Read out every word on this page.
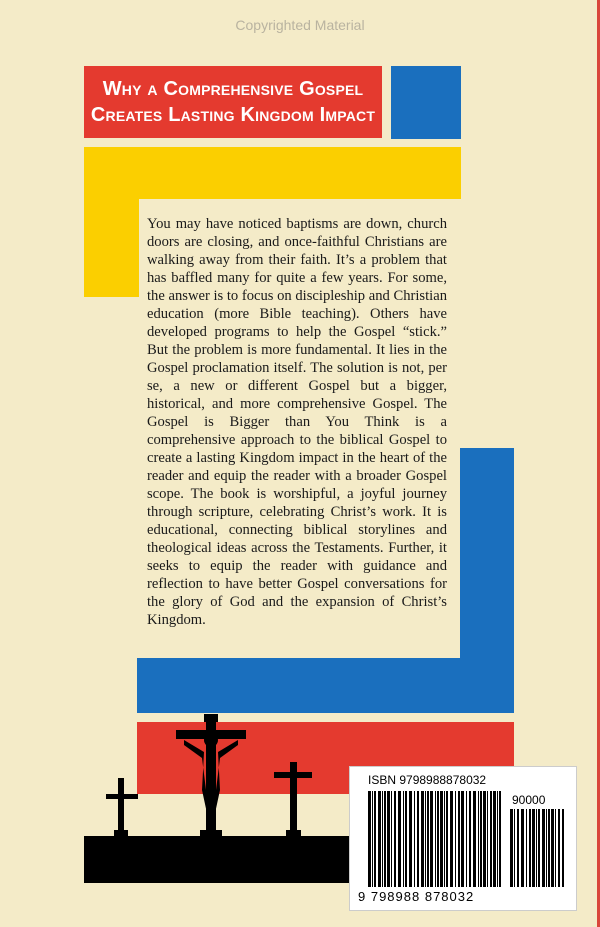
Copyrighted Material
Why a Comprehensive Gospel
Creates Lasting Kingdom Impact

You may have noticed baptisms are down, church doors are closing, and once-faithful Christians are walking away from their faith. It’s a problem that has baffled many for quite a few years. For some, the answer is to focus on discipleship and Christian education (more Bible teaching). Others have developed programs to help the Gospel “stick.” But the problem is more fundamental. It lies in the Gospel proclamation itself. The solution is not, per se, a new or different Gospel but a bigger, historical, and more comprehensive Gospel. The Gospel is Bigger than You Think is a comprehensive approach to the biblical Gospel to create a lasting Kingdom impact in the heart of the reader and equip the reader with a broader Gospel scope. The book is worshipful, a joyful journey through scripture, celebrating Christ’s work. It is educational, connecting biblical storylines and theological ideas across the Testaments. Further, it seeks to equip the reader with guidance and reflection to have better Gospel conversations for the glory of God and the expansion of Christ’s Kingdom.

ISBN 9798988878032
90000
9 798988 878032
